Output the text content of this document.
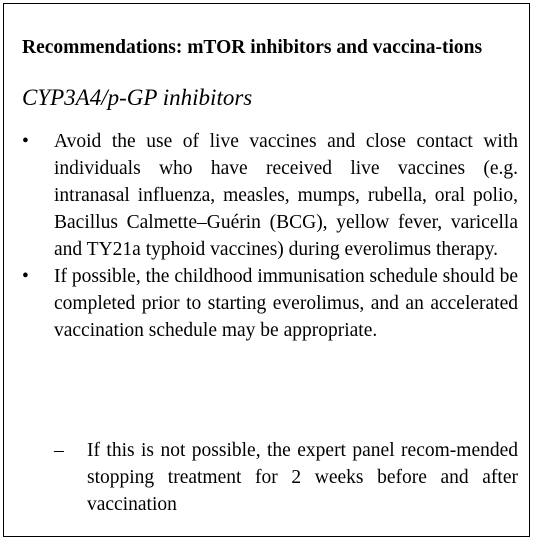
Recommendations: mTOR inhibitors and vaccina-tions
CYP3A4/p-GP inhibitors
• Avoid the use of live vaccines and close contact with individuals who have received live vaccines (e.g. intranasal influenza, measles, mumps, rubella, oral polio, Bacillus Calmette–Guérin (BCG), yellow fever, varicella and TY21a typhoid vaccines) during everolimus therapy.
• If possible, the childhood immunisation schedule should be completed prior to starting everolimus, and an accelerated vaccination schedule may be appropriate.
–	If this is not possible, the expert panel recom-mended stopping treatment for 2 weeks before and after vaccination
